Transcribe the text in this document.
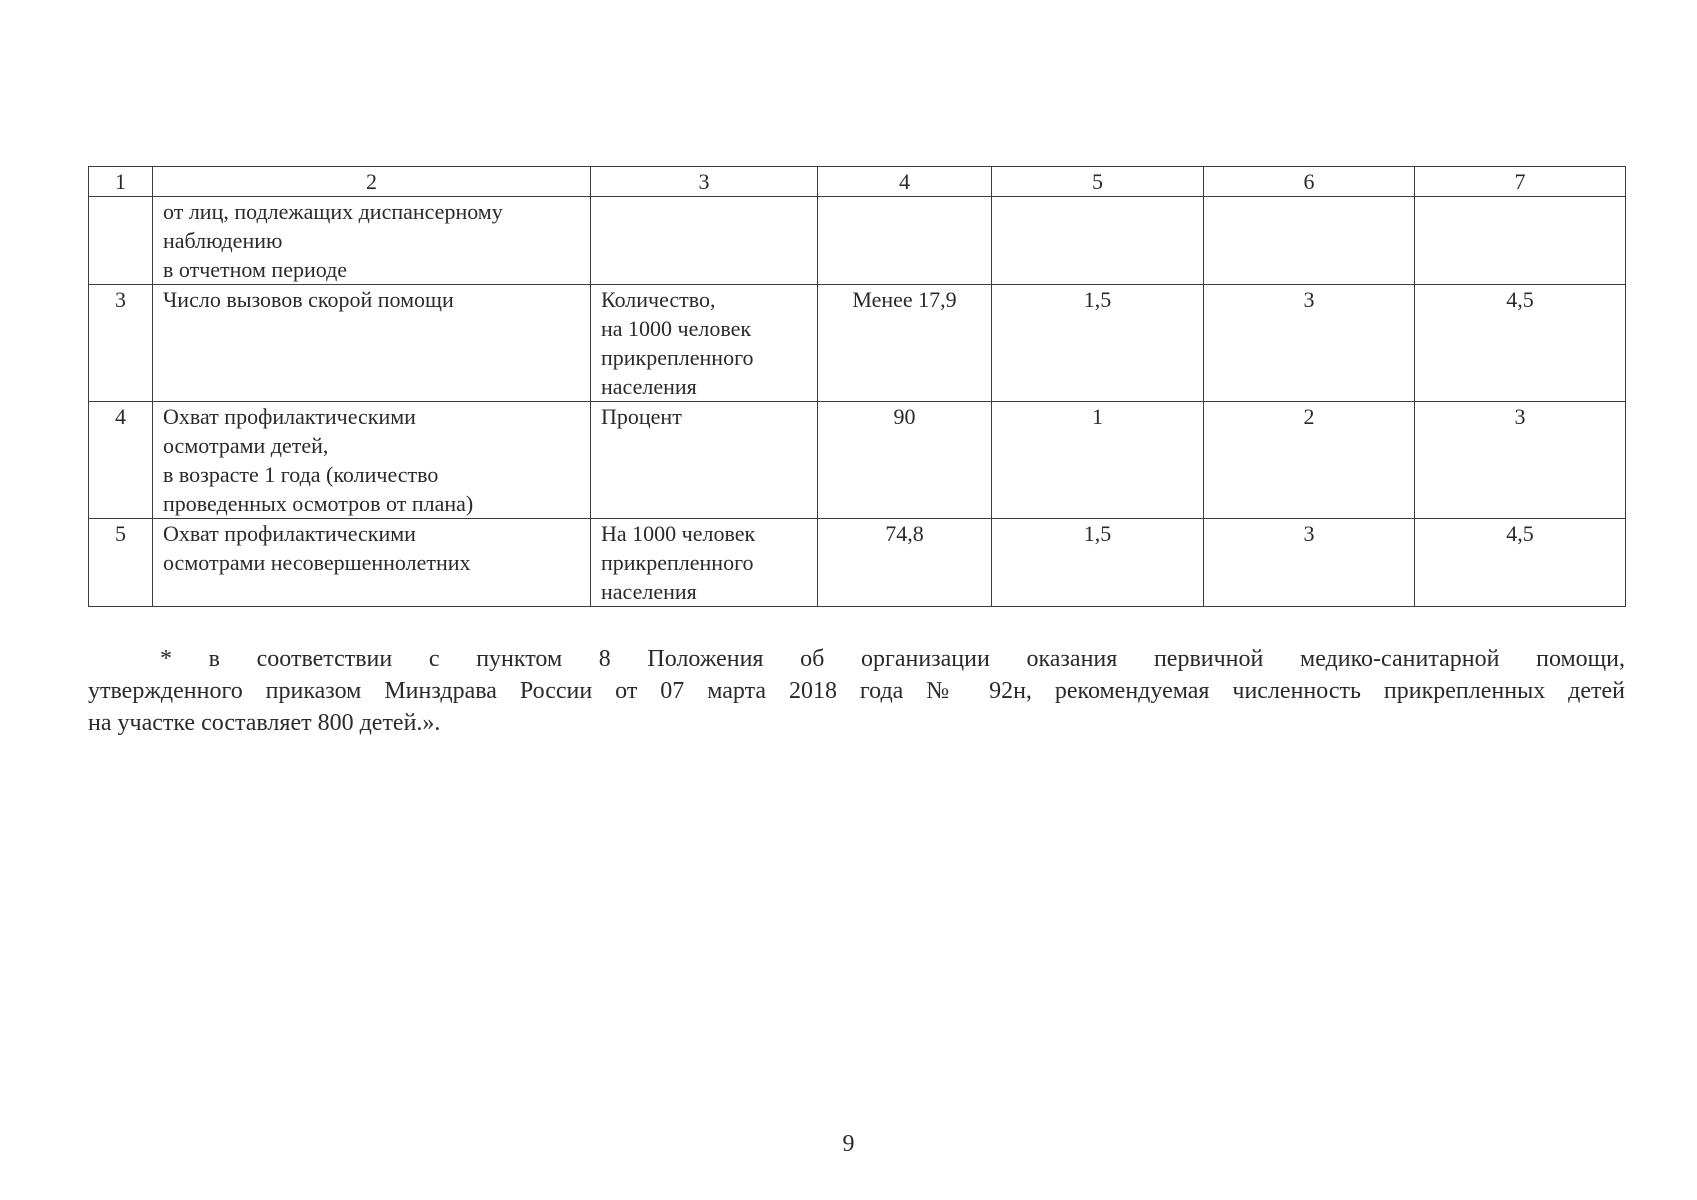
1	2	3	4	5	6	7

	от лиц, подлежащих диспансерному
наблюдению
в отчетном периоде					

3	Число вызовов скорой помощи	Количество,
на 1000 человек
прикрепленного
населения	Менее 17,9	1,5	3	4,5
4	Охват профилактическими
осмотрами детей,
в возрасте 1 года (количество
проведенных осмотров от плана)	Процент	90	1	2	3
5	Охват профилактическими
осмотрами несовершеннолетних	На 1000 человек
прикрепленного
населения	74,8	1,5	3	4,5
* в соответствии с пунктом 8 Положения об организации оказания первичной медико-санитарной помощи,
утвержденного приказом Минздрава России от 07 марта 2018 года № 92н, рекомендуемая численность прикрепленных детей
на участке составляет 800 детей.».
9
